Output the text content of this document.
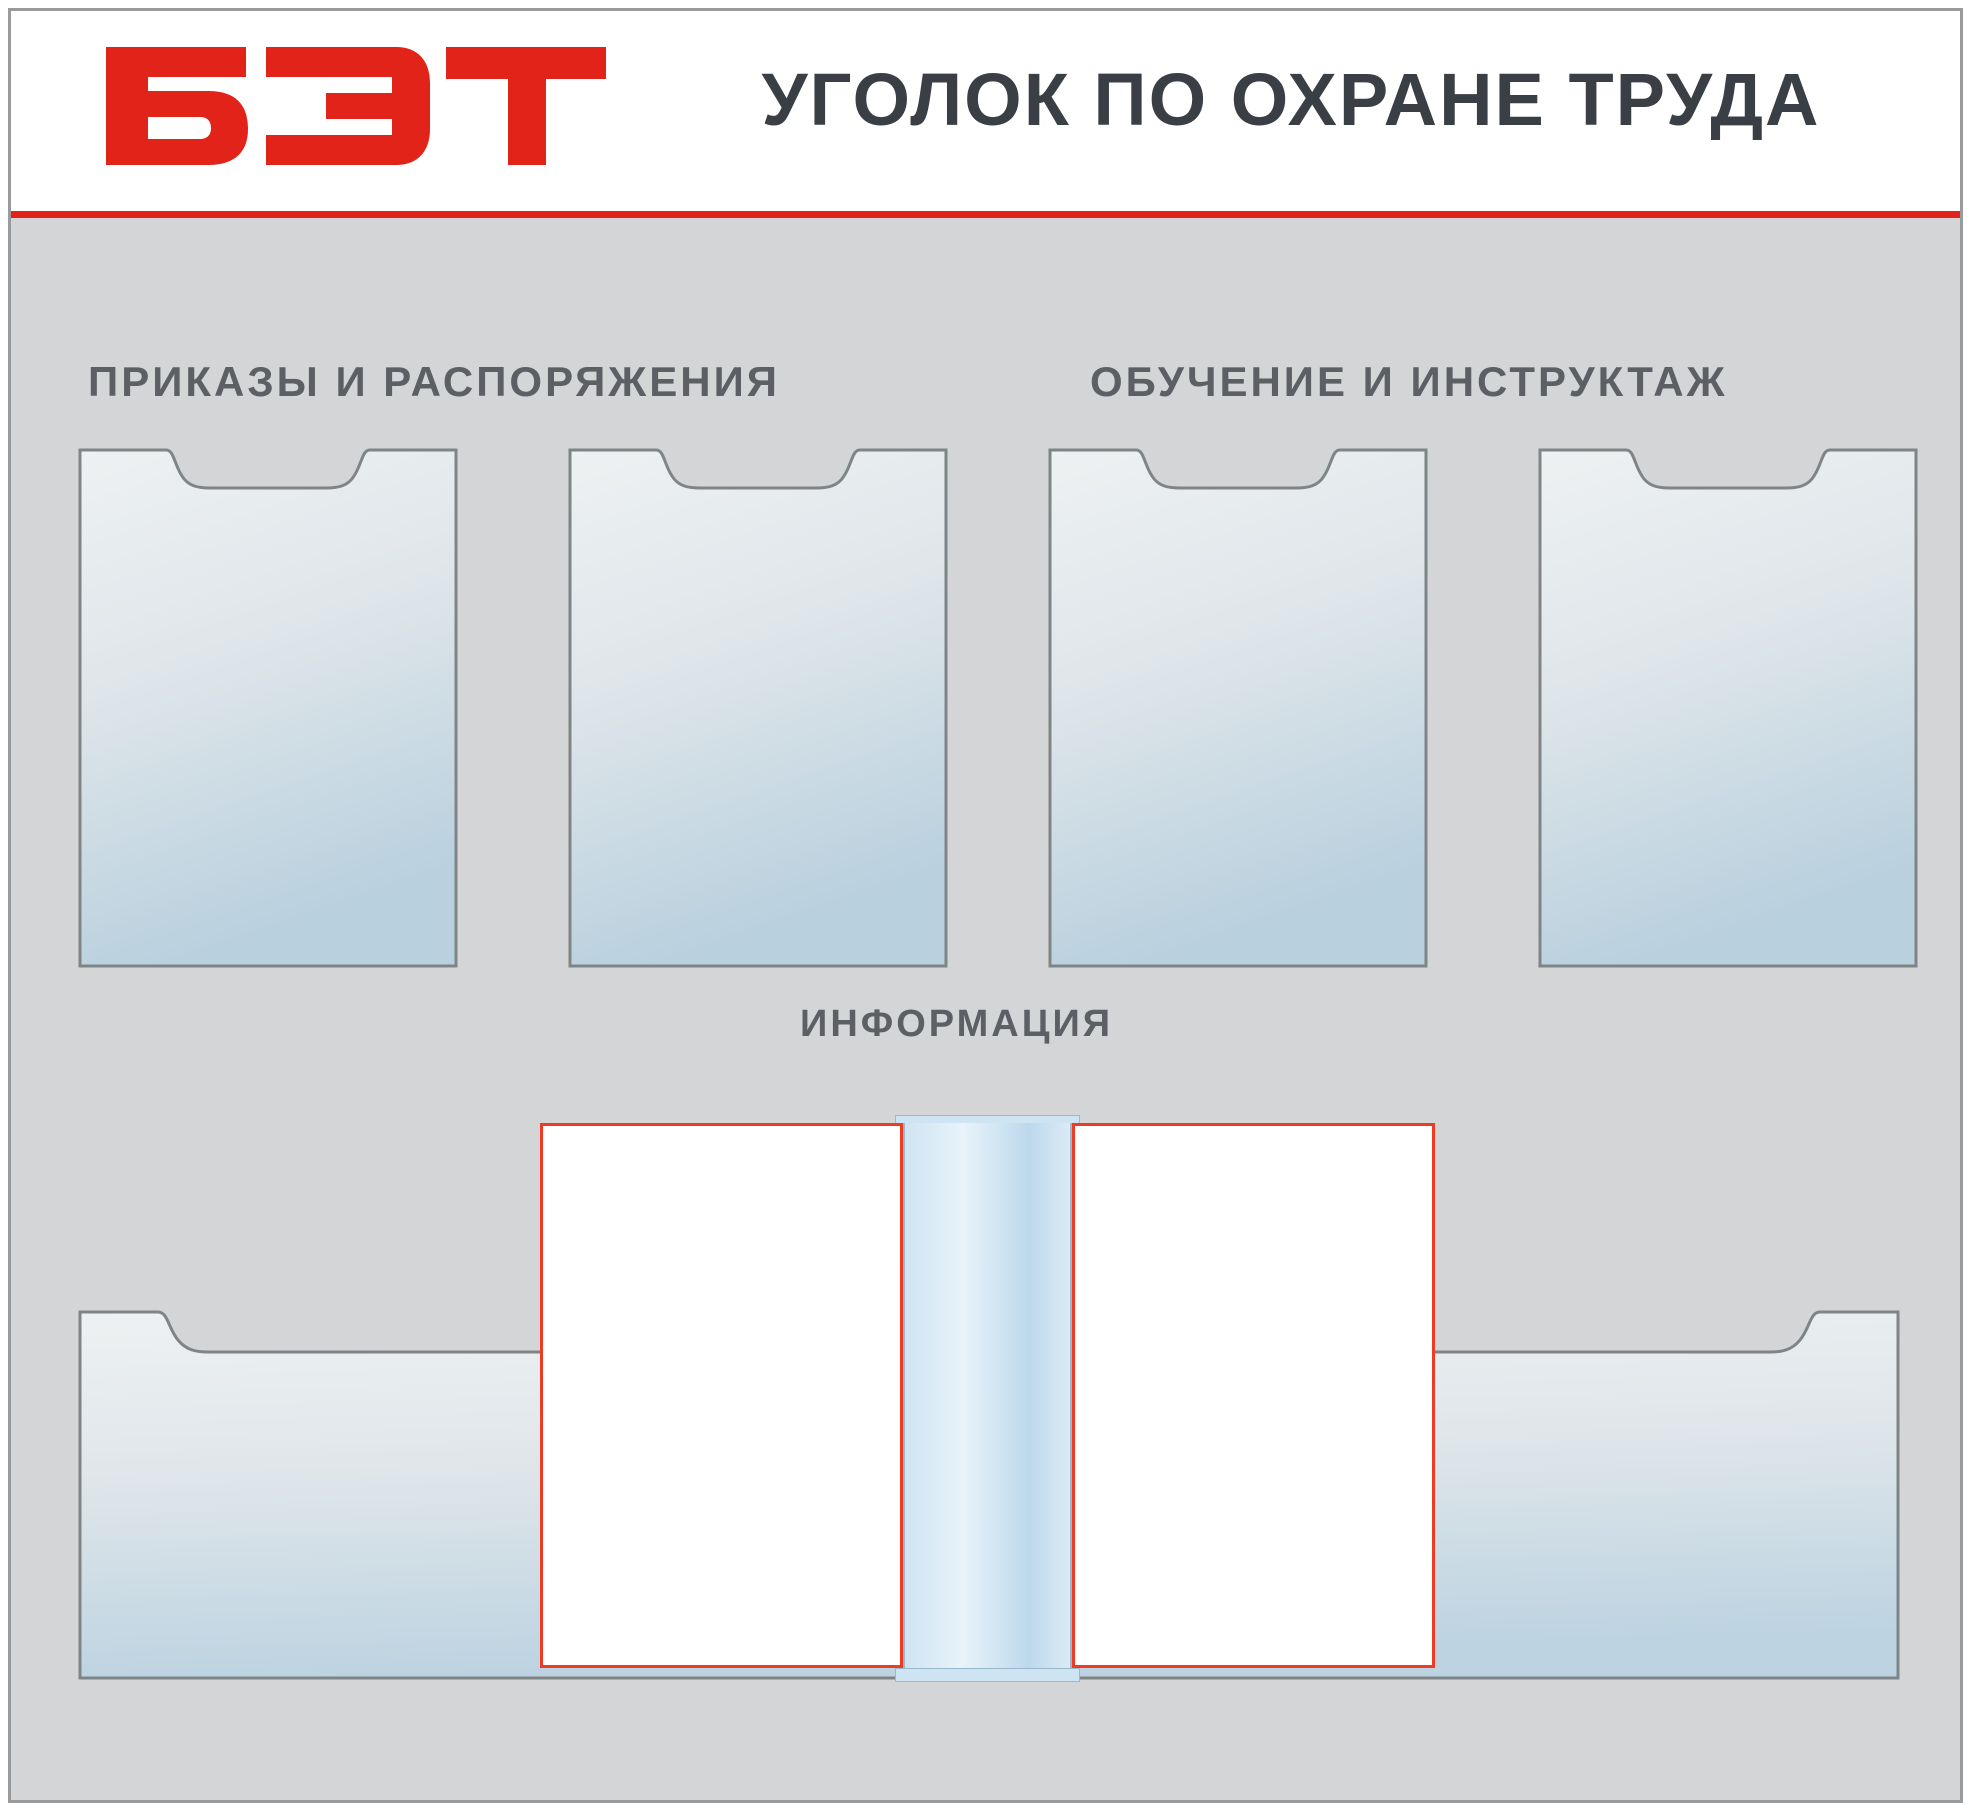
УГОЛОК ПО ОХРАНЕ ТРУДА
ПРИКАЗЫ И РАСПОРЯЖЕНИЯ	ОБУЧЕНИЕ И ИНСТРУКТАЖ
ИНФОРМАЦИЯ
